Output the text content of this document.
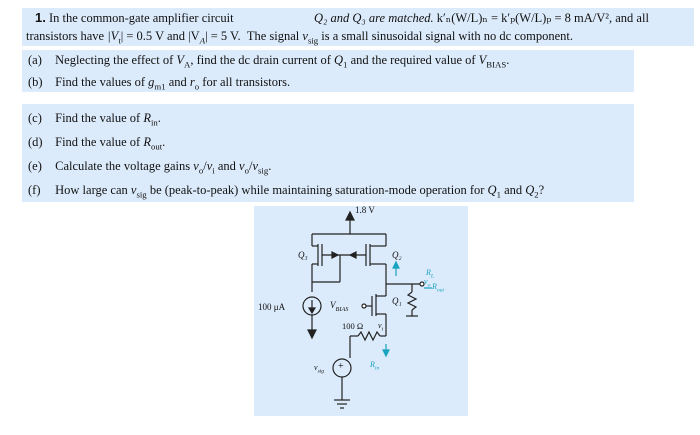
1. In the common-gate amplifier circuit	Q₂ and Q₃ are matched. k′ₙ(W/L)ₙ = k′ₚ(W/L)ₚ = 8 mA/V², and all
transistors have $|V_t| = 0.5$ V and $|V_A| = 5$ V. The signal $v_{sig}$ is a small sinusoidal signal with no dc component.
(a) Neglecting the effect of $V_A$, find the dc drain current of $Q_1$ and the required value of $V_{BIAS}$.
(b) Find the values of $g_{m1}$ and $r_o$ for all transistors.
(c) Find the value of $R_{in}$.
(d) Find the value of $R_{out}$.
(e) Calculate the voltage gains $v_o/v_i$ and $v_o/v_{sig}$.
(f) How large can $v_{sig}$ be (peak-to-peak) while maintaining saturation-mode operation for $Q_1$ and $Q_2$?
1.8 V
Q₃	Q₂
Q₁
100 μA	$V_{BIAS}$
100 Ω $v_i$
$v_o$
$R_L$
$R_{out}$
$R_{in}$
$v_{sig}$ +
